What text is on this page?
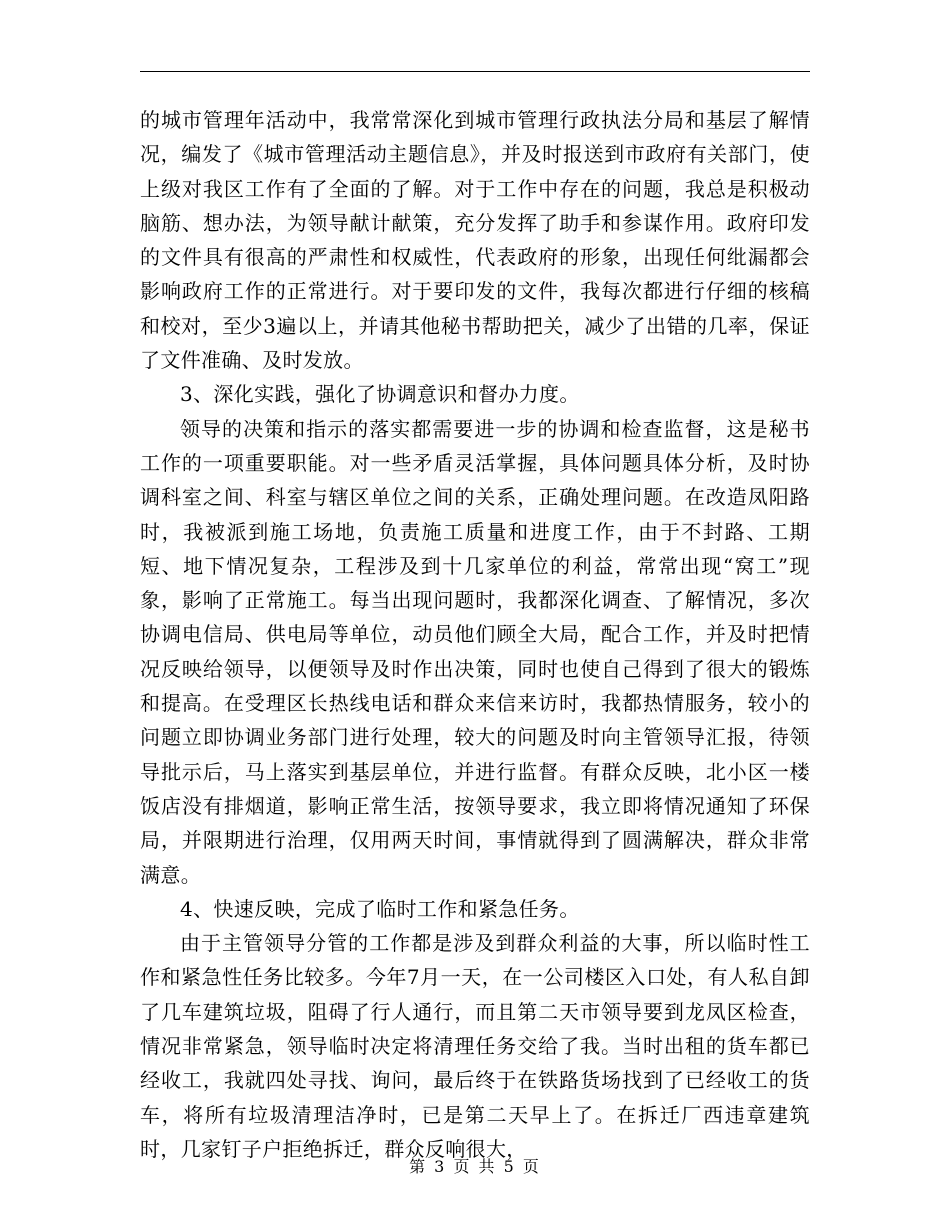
的城市管理年活动中，我常常深化到城市管理行政执法分局和基层了解情况，编发了《城市管理活动主题信息》，并及时报送到市政府有关部门，使上级对我区工作有了全面的了解。对于工作中存在的问题，我总是积极动脑筋、想办法，为领导献计献策，充分发挥了助手和参谋作用。政府印发的文件具有很高的严肃性和权威性，代表政府的形象，出现任何纰漏都会影响政府工作的正常进行。对于要印发的文件，我每次都进行仔细的核稿和校对，至少3遍以上，并请其他秘书帮助把关，减少了出错的几率，保证了文件准确、及时发放。

3、深化实践，强化了协调意识和督办力度。

领导的决策和指示的落实都需要进一步的协调和检查监督，这是秘书工作的一项重要职能。对一些矛盾灵活掌握，具体问题具体分析，及时协调科室之间、科室与辖区单位之间的关系，正确处理问题。在改造凤阳路时，我被派到施工场地，负责施工质量和进度工作，由于不封路、工期短、地下情况复杂，工程涉及到十几家单位的利益，常常出现“窝工”现象，影响了正常施工。每当出现问题时，我都深化调查、了解情况，多次协调电信局、供电局等单位，动员他们顾全大局，配合工作，并及时把情况反映给领导，以便领导及时作出决策，同时也使自己得到了很大的锻炼和提高。在受理区长热线电话和群众来信来访时，我都热情服务，较小的问题立即协调业务部门进行处理，较大的问题及时向主管领导汇报，待领导批示后，马上落实到基层单位，并进行监督。有群众反映，北小区一楼饭店没有排烟道，影响正常生活，按领导要求，我立即将情况通知了环保局，并限期进行治理，仅用两天时间，事情就得到了圆满解决，群众非常满意。

4、快速反映，完成了临时工作和紧急任务。

由于主管领导分管的工作都是涉及到群众利益的大事，所以临时性工作和紧急性任务比较多。今年7月一天，在一公司楼区入口处，有人私自卸了几车建筑垃圾，阻碍了行人通行，而且第二天市领导要到龙凤区检查，情况非常紧急，领导临时决定将清理任务交给了我。当时出租的货车都已经收工，我就四处寻找、询问，最后终于在铁路货场找到了已经收工的货车，将所有垃圾清理洁净时，已是第二天早上了。在拆迁厂西违章建筑时，几家钉子户拒绝拆迁，群众反响很大，

第 3 页 共 5 页
